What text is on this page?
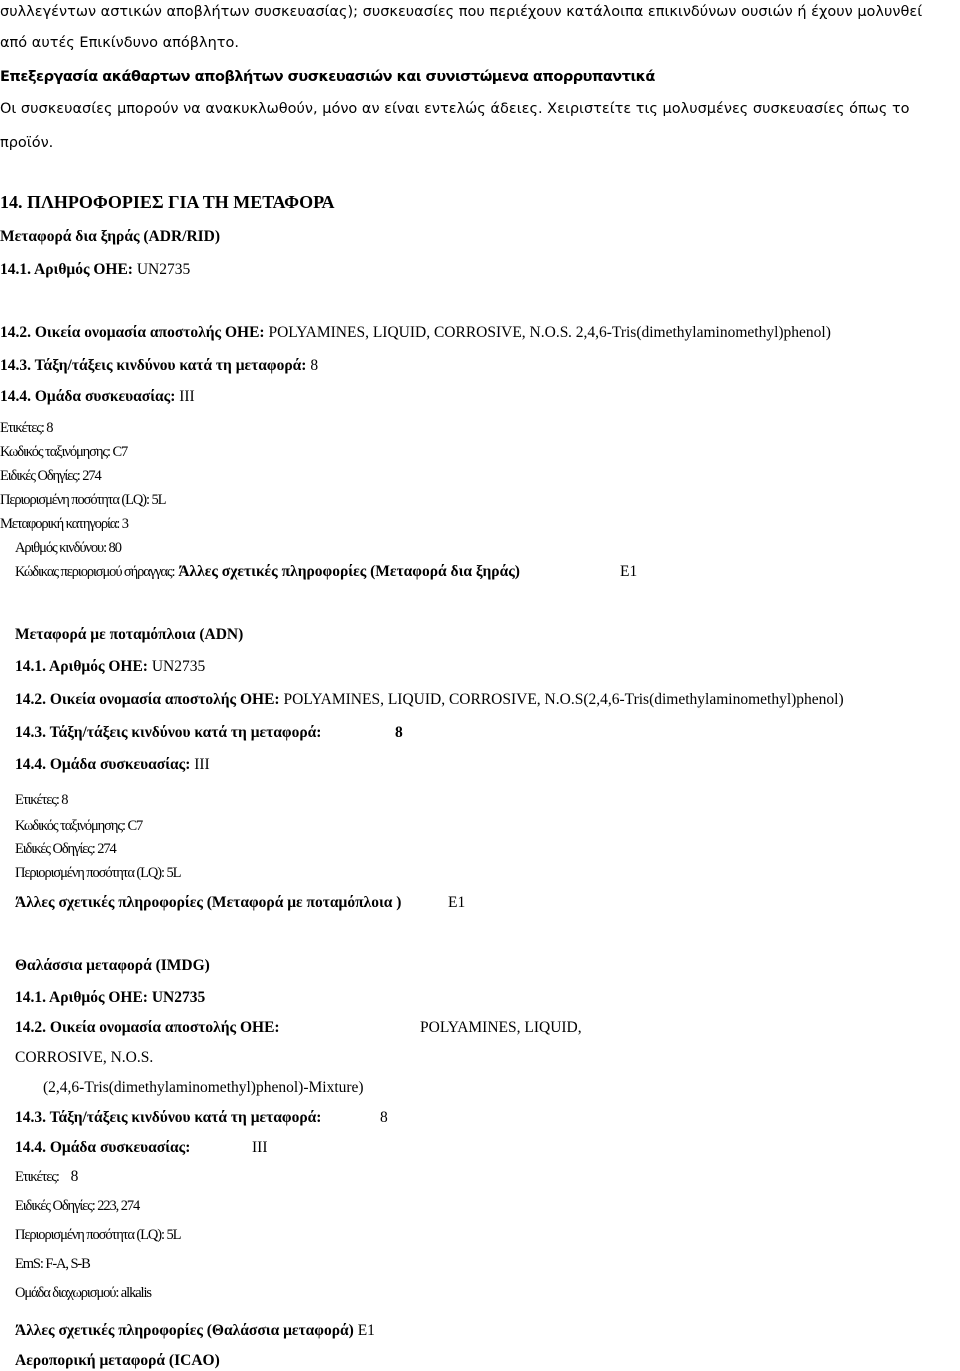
συλλεγέντων αστικών αποβλήτων συσκευασίας); συσκευασίες που περιέχουν κατάλοιπα επικινδύνων ουσιών ή έχουν μολυνθεί
από αυτές Επικίνδυνο απόβλητο.
Επεξεργασία ακάθαρτων αποβλήτων συσκευασιών και συνιστώμενα απορρυπαντικά
Οι συσκευασίες μπορούν να ανακυκλωθούν, μόνο αν είναι εντελώς άδειες. Χειριστείτε τις μολυσμένες συσκευασίες όπως το
προϊόν.
14. ΠΛΗΡΟΦΟΡΙΕΣ ΓΙΑ ΤΗ ΜΕΤΑΦΟΡΑ
Μεταφορά δια ξηράς (ADR/RID)
14.1. Αριθμός ΟΗΕ: UN2735
14.2. Οικεία ονομασία αποστολής ΟΗΕ: POLYAMINES, LIQUID, CORROSIVE, N.O.S . 2,4,6-Tris(dimethylaminomethyl)phenol)
14.3. Τάξη/τάξεις κινδύνου κατά τη μεταφορά: 8
14.4. Ομάδα συσκευασίας: III
Ετικέτες: 8
Κωδικός ταξινόμησης: C7
Ειδικές Οδηγίες: 274
Περιορισμένη ποσότητα (LQ): 5L
Μεταφορική κατηγορία: 3
Αριθμός κινδύνου: 80
Κώδικας περιορισμού σήραγγας: Άλλες σχετικές πληροφορίες (Μεταφορά δια ξηράς)	E1
Μεταφορά με ποταμόπλοια (ADN)
14.1. Αριθμός ΟΗΕ: UN2735
14.2. Οικεία ονομασία αποστολής ΟΗΕ: POLYAMINES, LIQUID, CORROSIVE, N.O.S(2,4,6-Tris(dimethylaminomethyl)phenol)
14.3. Τάξη/τάξεις κινδύνου κατά τη μεταφορά:	8
14.4. Ομάδα συσκευασίας: III
Ετικέτες: 8
Κωδικός ταξινόμησης: C7
Ειδικές Οδηγίες: 274
Περιορισμένη ποσότητα (LQ): 5L
Άλλες σχετικές πληροφορίες (Μεταφορά με ποταμόπλοια )	E1
Θαλάσσια μεταφορά (IMDG)
14.1. Αριθμός ΟΗΕ: UN2735
14.2. Οικεία ονομασία αποστολής ΟΗΕ:	POLYAMINES, LIQUID,
CORROSIVE, N.O.S.
(2,4,6-Tris(dimethylaminomethyl)phenol)-Mixture)
14.3. Τάξη/τάξεις κινδύνου κατά τη μεταφορά:	8
14.4. Ομάδα συσκευασίας:	III
Ετικέτες: 8
Ειδικές Οδηγίες: 223, 274
Περιορισμένη ποσότητα (LQ): 5L
EmS: F-A, S-B
Ομάδα διαχωρισμού: alkalis
Άλλες σχετικές πληροφορίες (Θαλάσσια μεταφορά) E1
Αεροπορική μεταφορά (ICAO)
